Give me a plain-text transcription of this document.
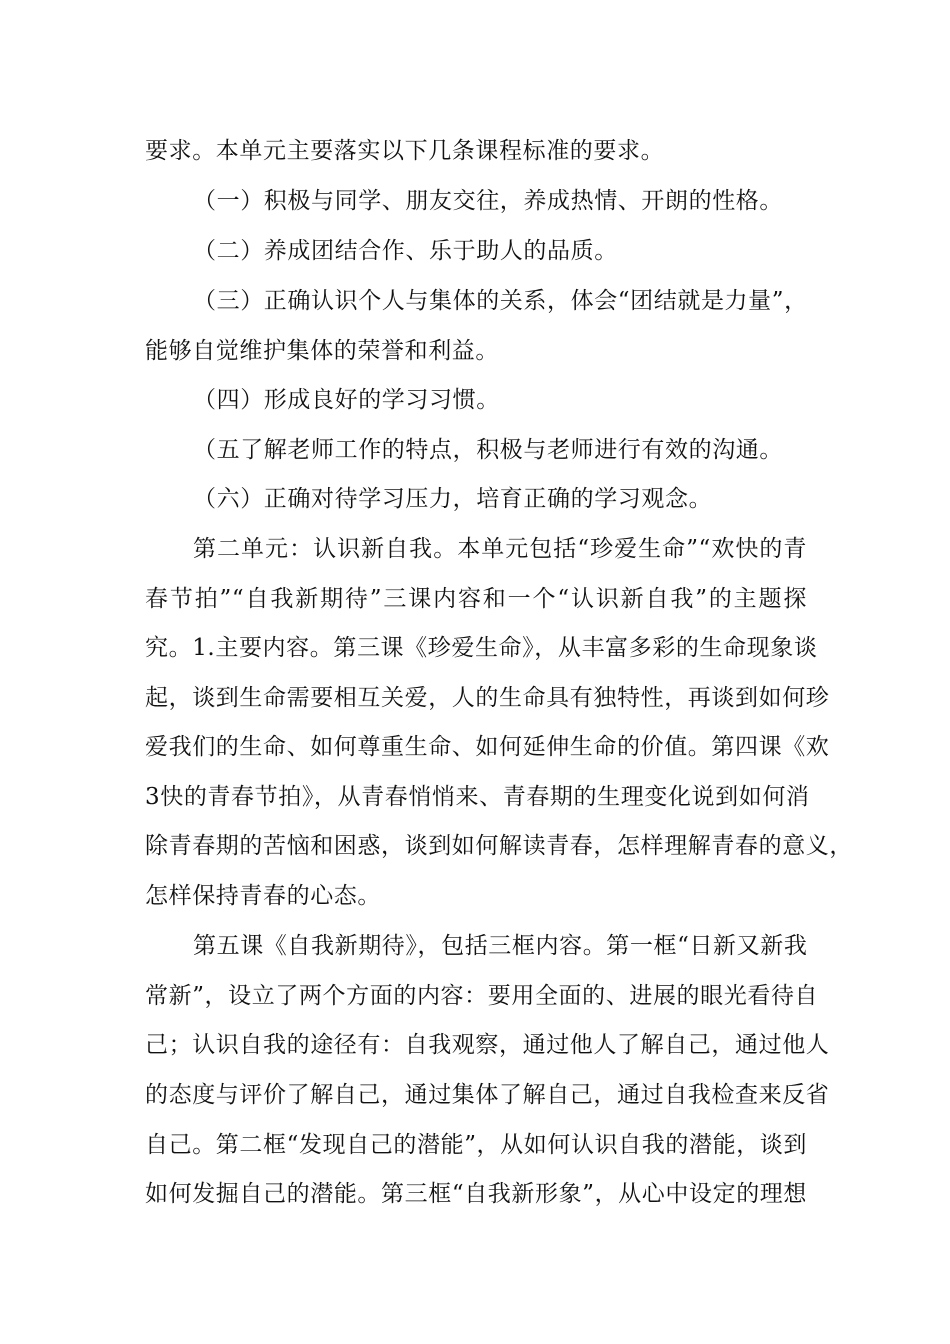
要求。本单元主要落实以下几条课程标准的要求。
（一）积极与同学、朋友交往，养成热情、开朗的性格。
（二）养成团结合作、乐于助人的品质。
（三）正确认识个人与集体的关系，体会“团结就是力量”，
能够自觉维护集体的荣誉和利益。
（四）形成良好的学习习惯。
（五了解老师工作的特点，积极与老师进行有效的沟通。
（六）正确对待学习压力，培育正确的学习观念。
第二单元：认识新自我。本单元包括“珍爱生命”“欢快的青
春节拍”“自我新期待”三课内容和一个“认识新自我”的主题探
究。1.主要内容。第三课《珍爱生命》，从丰富多彩的生命现象谈
起，谈到生命需要相互关爱，人的生命具有独特性，再谈到如何珍
爱我们的生命、如何尊重生命、如何延伸生命的价值。第四课《欢
3快的青春节拍》，从青春悄悄来、青春期的生理变化说到如何消
除青春期的苦恼和困惑，谈到如何解读青春，怎样理解青春的意义，
怎样保持青春的心态。
第五课《自我新期待》，包括三框内容。第一框“日新又新我
常新”，设立了两个方面的内容：要用全面的、进展的眼光看待自
己；认识自我的途径有：自我观察，通过他人了解自己，通过他人
的态度与评价了解自己，通过集体了解自己，通过自我检查来反省
自己。第二框“发现自己的潜能”，从如何认识自我的潜能，谈到
如何发掘自己的潜能。第三框“自我新形象”，从心中设定的理想
